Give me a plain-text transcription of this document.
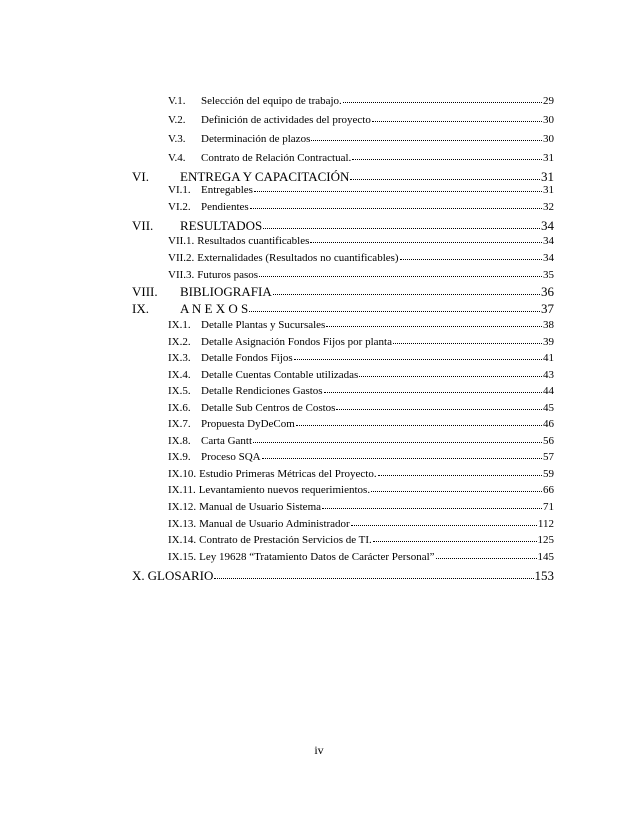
V.1.	Selección del equipo de trabajo.	29
V.2.	Definición de actividades del proyecto	30
V.3.	Determinación de plazos	30
V.4.	Contrato de Relación Contractual.	31
VI.	ENTREGA Y CAPACITACIÓN	31
VI.1. Entregables	31
VI.2. Pendientes	32
VII.	RESULTADOS	34
VII.1. Resultados cuantificables	34
VII.2. Externalidades (Resultados no cuantificables)	34
VII.3. Futuros pasos	35
VIII.	BIBLIOGRAFIA	36
IX.	A N E X O S	37
IX.1. Detalle Plantas y Sucursales	38
IX.2. Detalle Asignación Fondos Fijos por planta	39
IX.3. Detalle Fondos Fijos	41
IX.4. Detalle Cuentas Contable utilizadas	43
IX.5. Detalle Rendiciones Gastos	44
IX.6. Detalle Sub Centros de Costos	45
IX.7. Propuesta DyDeCom	46
IX.8. Carta Gantt	56
IX.9. Proceso SQA	57
IX.10. Estudio Primeras Métricas del Proyecto.	59
IX.11. Levantamiento nuevos requerimientos.	66
IX.12. Manual de Usuario Sistema	71
IX.13. Manual de Usuario Administrador	112
IX.14. Contrato de Prestación Servicios de TI.	125
IX.15. Ley 19628 “Tratamiento Datos de Carácter Personal”	145
X. GLOSARIO	153
iv
